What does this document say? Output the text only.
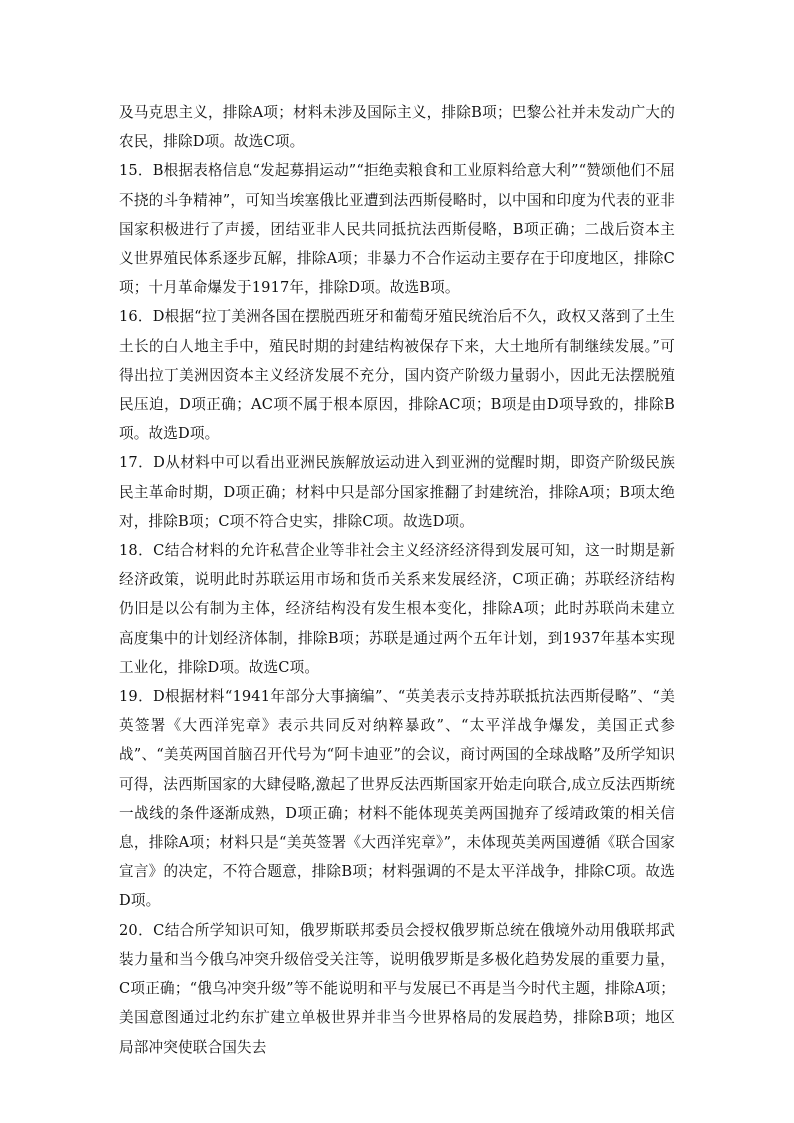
及马克思主义，排除A项；材料未涉及国际主义，排除B项；巴黎公社并未发动广大的农民，排除D项。故选C项。

15．B根据表格信息“发起募捐运动”“拒绝卖粮食和工业原料给意大利”“赞颂他们不屈不挠的斗争精神”，可知当埃塞俄比亚遭到法西斯侵略时，以中国和印度为代表的亚非国家积极进行了声援，团结亚非人民共同抵抗法西斯侵略，B项正确；二战后资本主义世界殖民体系逐步瓦解，排除A项；非暴力不合作运动主要存在于印度地区，排除C项；十月革命爆发于1917年，排除D项。故选B项。

16．D根据“拉丁美洲各国在摆脱西班牙和葡萄牙殖民统治后不久，政权又落到了土生土长的白人地主手中，殖民时期的封建结构被保存下来，大土地所有制继续发展。”可得出拉丁美洲因资本主义经济发展不充分，国内资产阶级力量弱小，因此无法摆脱殖民压迫，D项正确；AC项不属于根本原因，排除AC项；B项是由D项导致的，排除B项。故选D项。

17．D从材料中可以看出亚洲民族解放运动进入到亚洲的觉醒时期，即资产阶级民族民主革命时期，D项正确；材料中只是部分国家推翻了封建统治，排除A项；B项太绝对，排除B项；C项不符合史实，排除C项。故选D项。

18．C结合材料的允许私营企业等非社会主义经济经济得到发展可知，这一时期是新经济政策，说明此时苏联运用市场和货币关系来发展经济，C项正确；苏联经济结构仍旧是以公有制为主体，经济结构没有发生根本变化，排除A项；此时苏联尚未建立高度集中的计划经济体制，排除B项；苏联是通过两个五年计划，到1937年基本实现工业化，排除D项。故选C项。

19．D根据材料“1941年部分大事摘编”、“英美表示支持苏联抵抗法西斯侵略”、“美英签署《大西洋宪章》表示共同反对纳粹暴政”、“太平洋战争爆发，美国正式参战”、“美英两国首脑召开代号为“阿卡迪亚”的会议，商讨两国的全球战略”及所学知识可得，法西斯国家的大肆侵略,激起了世界反法西斯国家开始走向联合,成立反法西斯统一战线的条件逐渐成熟，D项正确；材料不能体现英美两国抛弃了绥靖政策的相关信息，排除A项；材料只是“美英签署《大西洋宪章》”，未体现英美两国遵循《联合国家宣言》的决定，不符合题意，排除B项；材料强调的不是太平洋战争，排除C项。故选D项。

20．C结合所学知识可知，俄罗斯联邦委员会授权俄罗斯总统在俄境外动用俄联邦武装力量和当今俄乌冲突升级倍受关注等，说明俄罗斯是多极化趋势发展的重要力量，C项正确；“俄乌冲突升级”等不能说明和平与发展已不再是当今时代主题，排除A项；美国意图通过北约东扩建立单极世界并非当今世界格局的发展趋势，排除B项；地区局部冲突使联合国失去
